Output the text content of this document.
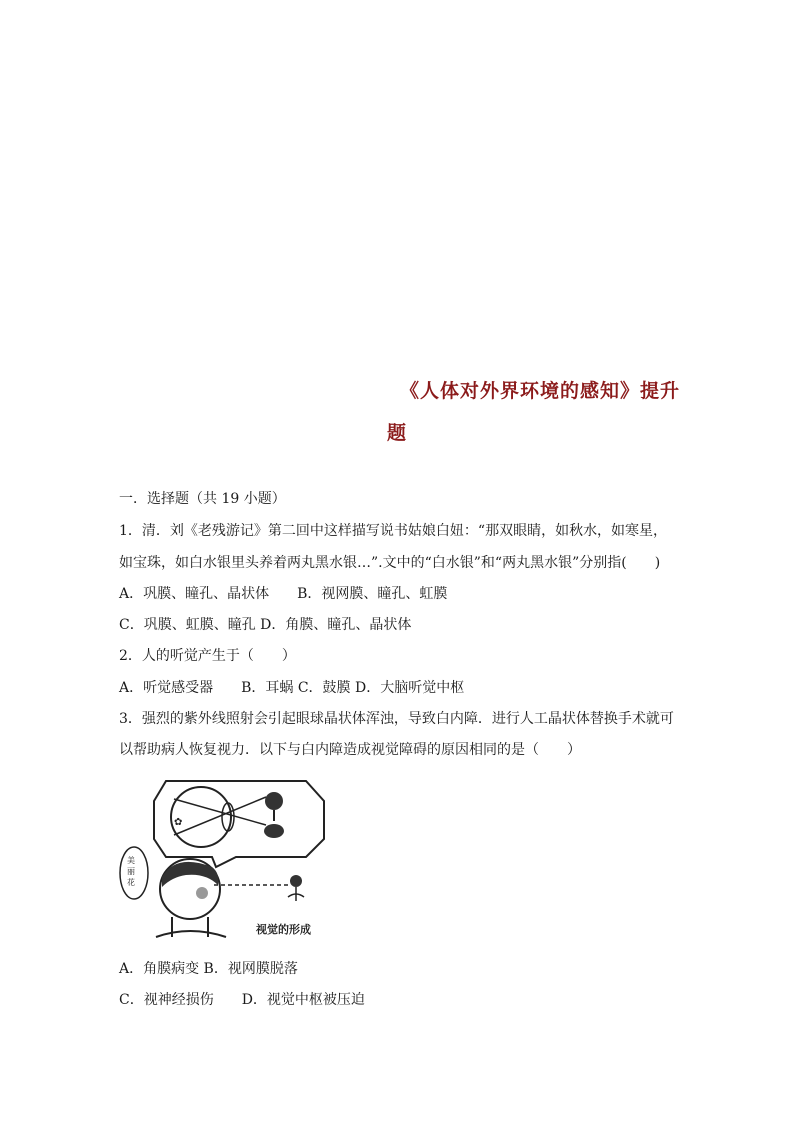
《人体对外界环境的感知》提升
题
一．选择题（共 19 小题）
1．清．刘《老残游记》第二回中这样描写说书姑娘白妞：“那双眼睛，如秋水，如寒星，
如宝珠，如白水银里头养着两丸黑水银…”.文中的“白水银”和“两丸黑水银”分别指(　　)
A．巩膜、瞳孔、晶状体　　B．视网膜、瞳孔、虹膜
C．巩膜、虹膜、瞳孔 D．角膜、瞳孔、晶状体
2．人的听觉产生于（　　）
A．听觉感受器　　B．耳蜗 C．鼓膜 D．大脑听觉中枢
3．强烈的紫外线照射会引起眼球晶状体浑浊，导致白内障．进行人工晶状体替换手术就可
以帮助病人恢复视力．以下与白内障造成视觉障碍的原因相同的是（　　）
✿
美
丽
花
视觉的形成
A．角膜病变 B．视网膜脱落
C．视神经损伤　　D．视觉中枢被压迫
